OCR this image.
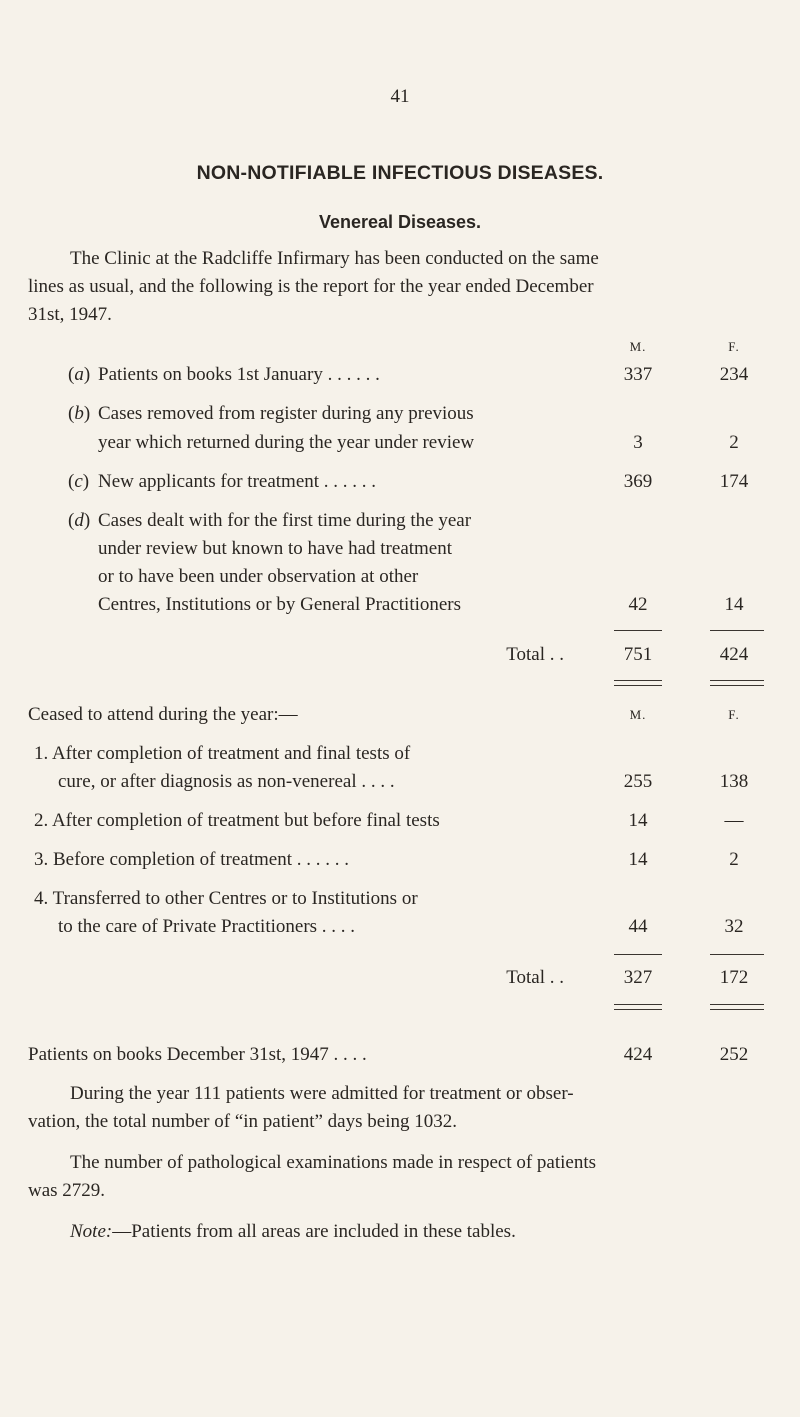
41
NON-NOTIFIABLE INFECTIOUS DISEASES.
Venereal Diseases.
The Clinic at the Radcliffe Infirmary has been conducted on the same
lines as usual, and the following is the report for the year ended December
31st, 1947.
M.	F.
(a) Patients on books 1st January . . . . . .	337	234
(b) Cases removed from register during any previous
year which returned during the year under review	3	2
(c) New applicants for treatment . . . . . .	369	174
(d) Cases dealt with for the first time during the year
under review but known to have had treatment
or to have been under observation at other
Centres, Institutions or by General Practitioners	42	14
Total . .	751	424
Ceased to attend during the year:—	M.	F.
1. After completion of treatment and final tests of
cure, or after diagnosis as non-venereal . . . .	255	138
2. After completion of treatment but before final tests	14	—
3. Before completion of treatment . . . . . .	14	2
4. Transferred to other Centres or to Institutions or
to the care of Private Practitioners . . . .	44	32
Total . .	327	172
Patients on books December 31st, 1947 . . . .	424	252
During the year 111 patients were admitted for treatment or obser-
vation, the total number of “in patient” days being 1032.
The number of pathological examinations made in respect of patients
was 2729.
Note:—Patients from all areas are included in these tables.
